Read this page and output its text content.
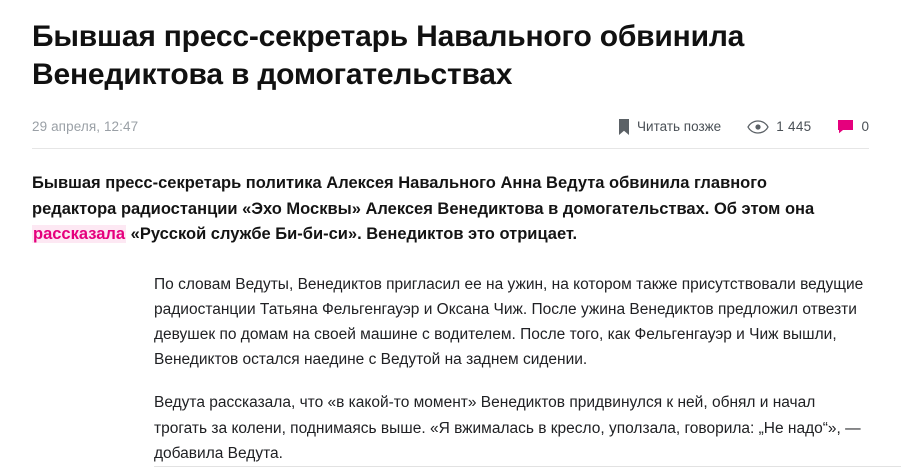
Бывшая пресс-секретарь Навального обвинила Венедиктова в домогательствах
29 апреля, 12:47	Читать позже	1 445	0

Бывшая пресс-секретарь политика Алексея Навального Анна Ведута обвинила главного редактора радиостанции «Эхо Москвы» Алексея Венедиктова в домогательствах. Об этом она рассказала «Русской службе Би-би-си». Венедиктов это отрицает.

По словам Ведуты, Венедиктов пригласил ее на ужин, на котором также присутствовали ведущие радиостанции Татьяна Фельгенгауэр и Оксана Чиж. После ужина Венедиктов предложил отвезти девушек по домам на своей машине с водителем. После того, как Фельгенгауэр и Чиж вышли, Венедиктов остался наедине с Ведутой на заднем сидении.

Ведута рассказала, что «в какой-то момент» Венедиктов придвинулся к ней, обнял и начал трогать за колени, поднимаясь выше. «Я вжималась в кресло, уползала, говорила: „Не надо“», — добавила Ведута.
